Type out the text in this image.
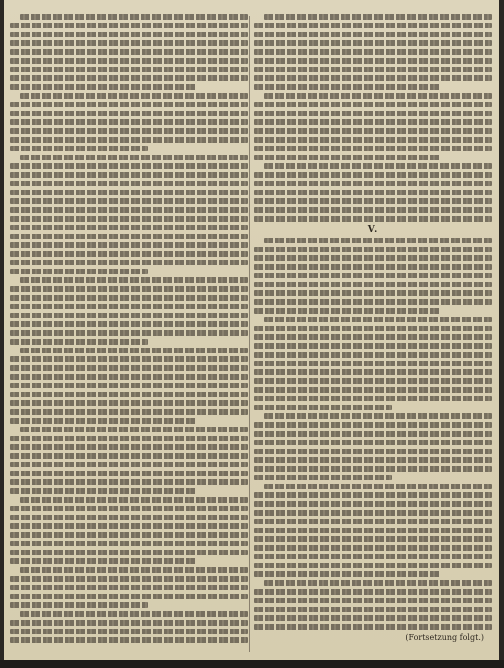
V.
(Fortsetzung folgt.)
